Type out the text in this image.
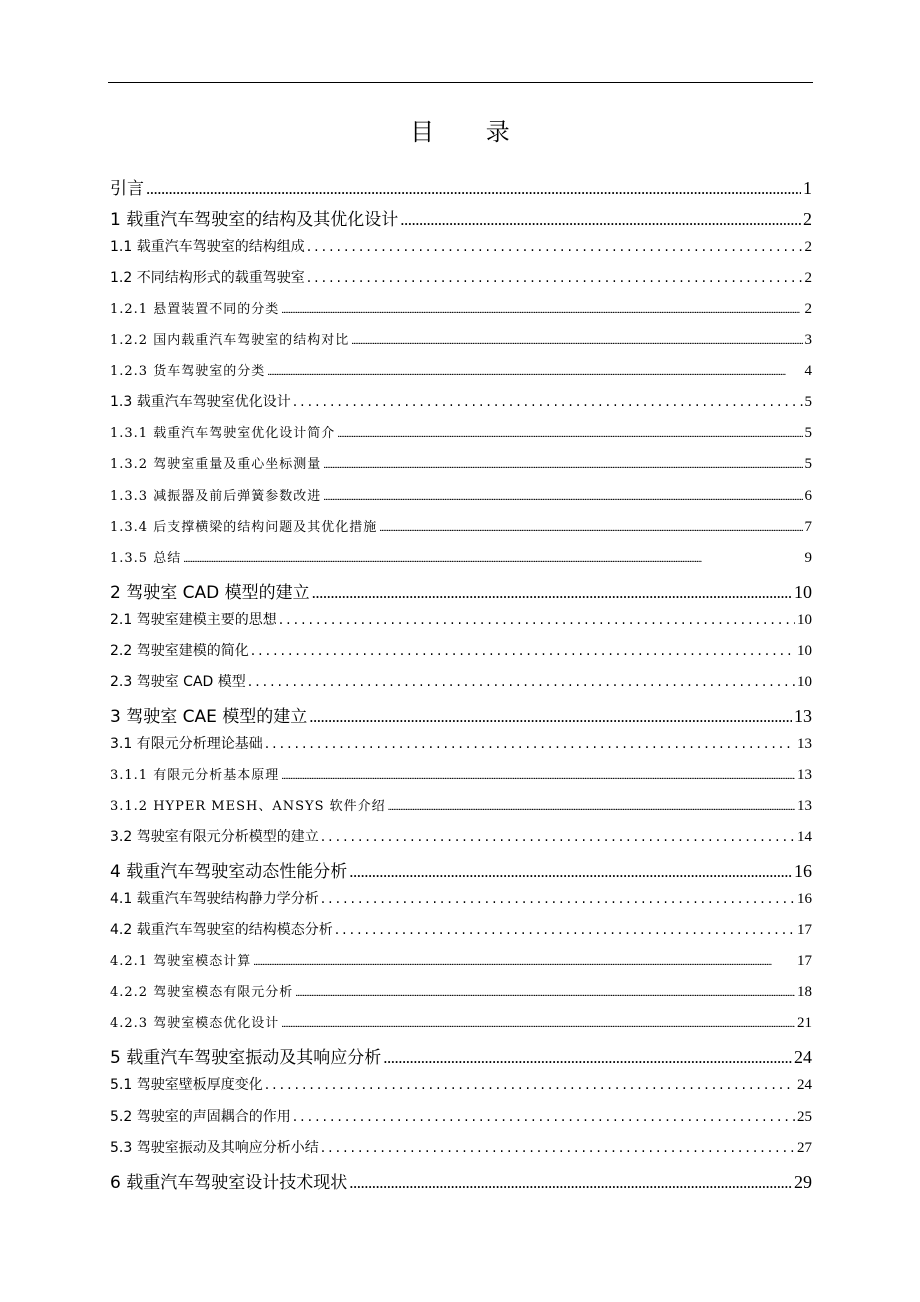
目 录
引言 .....	1
1 载重汽车驾驶室的结构及其优化设计 .....	2
1.1 载重汽车驾驶室的结构组成 .....	2
1.2 不同结构形式的载重驾驶室 .....	2
1.2.1 悬置装置不同的分类 .....	2
1.2.2 国内载重汽车驾驶室的结构对比 .....	3
1.2.3 货车驾驶室的分类 .....	4
1.3 载重汽车驾驶室优化设计 .....	5
1.3.1 载重汽车驾驶室优化设计简介 .....	5
1.3.2 驾驶室重量及重心坐标测量 .....	5
1.3.3 减振器及前后弹簧参数改进 .....	6
1.3.4 后支撑横梁的结构问题及其优化措施 .....	7
1.3.5 总结 .....	9
2 驾驶室 CAD 模型的建立 .....	10
2.1 驾驶室建模主要的思想 .....	10
2.2 驾驶室建模的简化 .....	10
2.3 驾驶室 CAD 模型 .....	10
3 驾驶室 CAE 模型的建立 .....	13
3.1 有限元分析理论基础 .....	13
3.1.1 有限元分析基本原理 .....	13
3.1.2 HYPER MESH、ANSYS 软件介绍 .....	13
3.2 驾驶室有限元分析模型的建立 .....	14
4 载重汽车驾驶室动态性能分析 .....	16
4.1 载重汽车驾驶结构静力学分析 .....	16
4.2 载重汽车驾驶室的结构模态分析 .....	17
4.2.1 驾驶室模态计算 .....	17
4.2.2 驾驶室模态有限元分析 .....	18
4.2.3 驾驶室模态优化设计 .....	21
5 载重汽车驾驶室振动及其响应分析 .....	24
5.1 驾驶室壁板厚度变化 .....	24
5.2 驾驶室的声固耦合的作用 .....	25
5.3 驾驶室振动及其响应分析小结 .....	27
6 载重汽车驾驶室设计技术现状 .....	29
